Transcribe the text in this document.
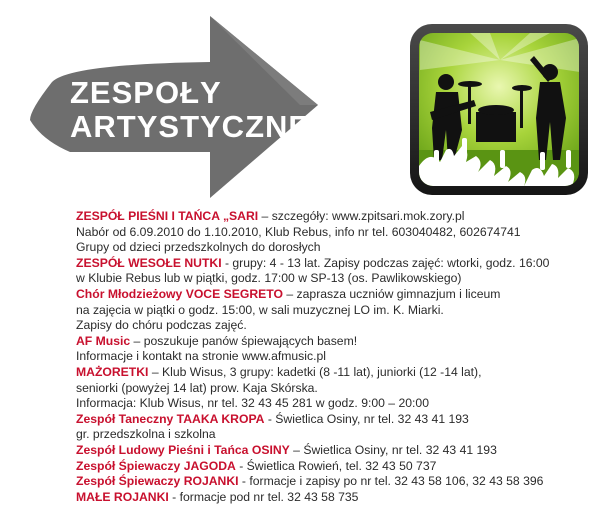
ZESPOŁY
ARTYSTYCZNE
ZESPÓŁ PIEŚNI I TAŃCA „SARI – szczegóły: www.zpitsari.mok.zory.pl
Nabór od 6.09.2010 do 1.10.2010, Klub Rebus, info nr tel. 603040482, 602674741
Grupy od dzieci przedszkolnych do dorosłych
ZESPÓŁ WESOŁE NUTKI - grupy: 4 - 13 lat. Zapisy podczas zajęć: wtorki, godz. 16:00
w Klubie Rebus lub w piątki, godz. 17:00 w SP-13 (os. Pawlikowskiego)
Chór Młodzieżowy VOCE SEGRETO – zaprasza uczniów gimnazjum i liceum
na zajęcia w piątki o godz. 15:00, w sali muzycznej LO im. K. Miarki.
Zapisy do chóru podczas zajęć.
AF Music – poszukuje panów śpiewających basem!
Informacje i kontakt na stronie www.afmusic.pl
MAŻORETKI – Klub Wisus, 3 grupy: kadetki (8 -11 lat), juniorki (12 -14 lat),
seniorki (powyżej 14 lat) prow. Kaja Skórska.
Informacja: Klub Wisus, nr tel. 32 43 45 281 w godz. 9:00 – 20:00
Zespół Taneczny TAAKA KROPA - Świetlica Osiny, nr tel. 32 43 41 193
gr. przedszkolna i szkolna
Zespół Ludowy Pieśni i Tańca OSINY – Świetlica Osiny, nr tel. 32 43 41 193
Zespół Śpiewaczy JAGODA - Świetlica Rowień, tel. 32 43 50 737
Zespół Śpiewaczy ROJANKI - formacje i zapisy po nr tel. 32 43 58 106, 32 43 58 396
MAŁE ROJANKI - formacje pod nr tel. 32 43 58 735
